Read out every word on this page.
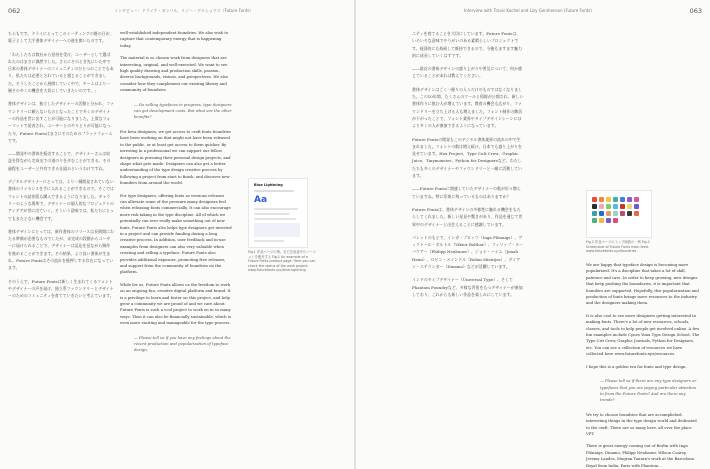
062	インタビュー：ドライケ・ガンバル、リジー・グルショワス（Future Fonts）

ちらもです。ドライにとってこのミーティングの後の日が、電子として大手書体デザイナーへの道を開いたのです。

「わたしたちは数社から招待を受け、ユーザーとして選ばれたのはまさに偶然でした。さらにそのとき先にいた中で日本の書体デザイナーのコミュニティのひとつのことでもあり、私たちは必要とされていると感じることができました。そうしたことから展開していく中で、チームはより一層その多くの機会を大切にしていきたいのです。」

書体デザインは、独立したデザイナーの活動と分かれ、ファウンドリーに頼らないものとなったことで多くのデザイナーの作品を世に出すことが可能になりました。上質なフォーマットで発表され、ユーザーとのやりとりが可能になった今、Future Fontsはまさにそのためのプラットフォームです。

――開発中の書体を販売することで、デザイナーさんは収益を得ながら完成までの道のりを歩むことができる。その過程をユーザーと共有できる仕組みというわけですね。

デジタルデザイナーにとっては、より一層開発されていない書体のライセンスを手に入れることができるので、そこではフォントの試作版も購入できるようになりました。ギャラリーのような場所で、デザイナーの個人的なプロジェクトのアイデアが世に出ていく。そういう意味では、私たちにとってもまたとない機会です。

書体デザインにとっては、新作書体のリリースは長期間にわたる準備が必要なものでしたが、未完成の段階からユーザーに届けられることで、デザイナーは反応を見ながら制作を進めることができます。その結果、より良い書体が生まれ、Future Fontsはその流れを後押しする存在になっています。

そのうえで、Future Fontsは新しく生まれてくるフォントやデザイナーの声を届け、独立系ファウンドリーとデザイナーのためのコミュニティを育てていきたいと考えています。

well-established independent foundries. We also wish to capture that contemporary energy that is happening today.

The material is so chosen work from designers that are interesting, original, and well-executed. We want to see high quality drawing and production skills, passion, diverse backgrounds, visions, and perspectives. We also consider how they complement our existing library and community of foundries.

— Do selling typefaces in progress, type designers can get development costs. But what are the other benefits?

For beta designers, we get access to craft fonts foundries have been working on that might not have been released to the public, or at least get access to them quicker. By investing in a professional we can support our fellow designers in pursuing their personal design projects, and shape what gets made. Designers can also get a better understanding of the type design creative process by following a project from start to finish, and discover new founders from around the world.

For type designers, offering fonts as versions releases can alleviate some of the pressure many designers feel when releasing fonts commercially. It can also encourage more risk taking in the type discipline. All of which we potentially can ever really make something out of new fonts. Future Fonts also helps type designers get invested in a project and can provide funding during a long creative process. In addition, user feedback and in-use examples from designers can also very valuable when creating and selling a typeface. Future Fonts also provides additional exposure, promoting free releases, and support from the community of foundries on the platform.

While for us, Future Fonts allows us the freedom to work on an ongoing fun, creative digital platform and brand. It is a privilege to learn and foster on this project, and help grow a community we are proud of and we care about. Future Fonts is such a cool project to work on in so many ways. Then it can also be financially sustainable, which is even more exciting and manageable for the type process.

— Please tell us if you have any feelings about the recent production and popularization of typeface design.

Blue Lightning
Aa
Fig.1 作品ページの例。まだ完成途中のバージョンを販売する Fig.1 An example of a Future Fonts product page. Here you can check the status of the work project. www.futurefonts.xyz/blue-lightning
Interview with Travis Kochel and Lizy Gershenson (Future Fonts)	063

ニティを育てることを大切にしています。Future Fontsは、いろいろな意味でやりがいのある素晴らしいプロジェクトです。経済的にも持続して維持できるので、今後もますます魅力的に成長していくはずです。

――最近の書体デザインの盛り上がりや普及について、何か感じていることがあれば教えてください。

書体デザインはごく一握りの人々だけのものではなくなりました。この10年間、たくさんのツールと情報が公開され、新しい書体作りに挑む人が増えています。教育の機会も広がり、ファウンドリーを立ち上げる人も増えました。フォント制作の敷居が下がったことで、フォント業界やタイプデザインシーンにはより多くの人が参加できるようになっています。

Future Fontsの開発もこのデジタル書体業界の流れの中で生まれました。フォントの数は増え続け、日本でも盛り上がりを見せています。Hex Project、Type Cult Crew、Graphic Juice、Tinymonster、Python for Designersなど、わたしたちも多くのデザイナーやファウンドリーと一緒に活動しています。

――Future Fontsに関連していたデザイナーの数が年々増えていますね。特に印象に残っているものはありますか？

Future Fontsは、書体デザインの多様性に触れる機会をもたらしてくれました。新しい発見や驚きがあり、作品を通じて世界中のデザイナーと出会えることに感謝しています。

パレットのもとで、インガ・プロッツ（Inga Plönnigs）、ヴィクトール・ボルトル（Viktor Bolthor）、フィリップ・ヌーバウアー（Philipp Neubauer）、ジョナ・ハイム（Jonah Heim）、ロビン・メインドル（Robin Mientjes）、ダイアン・ステランガー（Dinamo）などが活躍しています。

インドのタイプデザイナー（Universal Type）、そしてPhantom Foundryなど、多様な背景をもつデザイナーが参加しており、これからも新しい作品を楽しみにしています。

Fig.2 作品ページのトップ画面の一例 Fig.2 Screenshot of Future Fonts main feed. www.futurefonts.xyz/foundries

We are happy that typeface design is becoming more popularized. It's a discipline that takes a lot of skill, patience and care. In order to keep growing, new designs that keep pushing the boundaries, it is important that founders are supported. Hopefully, this popularization and production of fonts brings more resources to the industry and the designers making them.

It is also cool to see more designers getting interested in making fonts. There's a lot of new resources, schools, classes, and tools to help people get involved online. A few fun examples include Cynes Yuna Type Design School, The Type Crit Crew, Graphic Journals, Python for Designers, etc. You can see a collection of resources we have collected here www.futurefonts.xyz/resources.

I hope this is a golden era for fonts and type design.

— Please tell us if there are any type designers or typefaces that you are paying particular attention to from the Future Fonts? And are there any trends?

We try to choose foundries that are accomplished, interesting things in the type design world and dedicated to the craft. There are so many here, all over the place VPT.

There is great energy coming out of Berlin with Inga Plönnigs, Dinamo, Philipp Neubauer, Wilson Conroy, Jeremy Landes, Mugran Tauran's work at the Barcelona Royal from India, Paris with Phantom...
